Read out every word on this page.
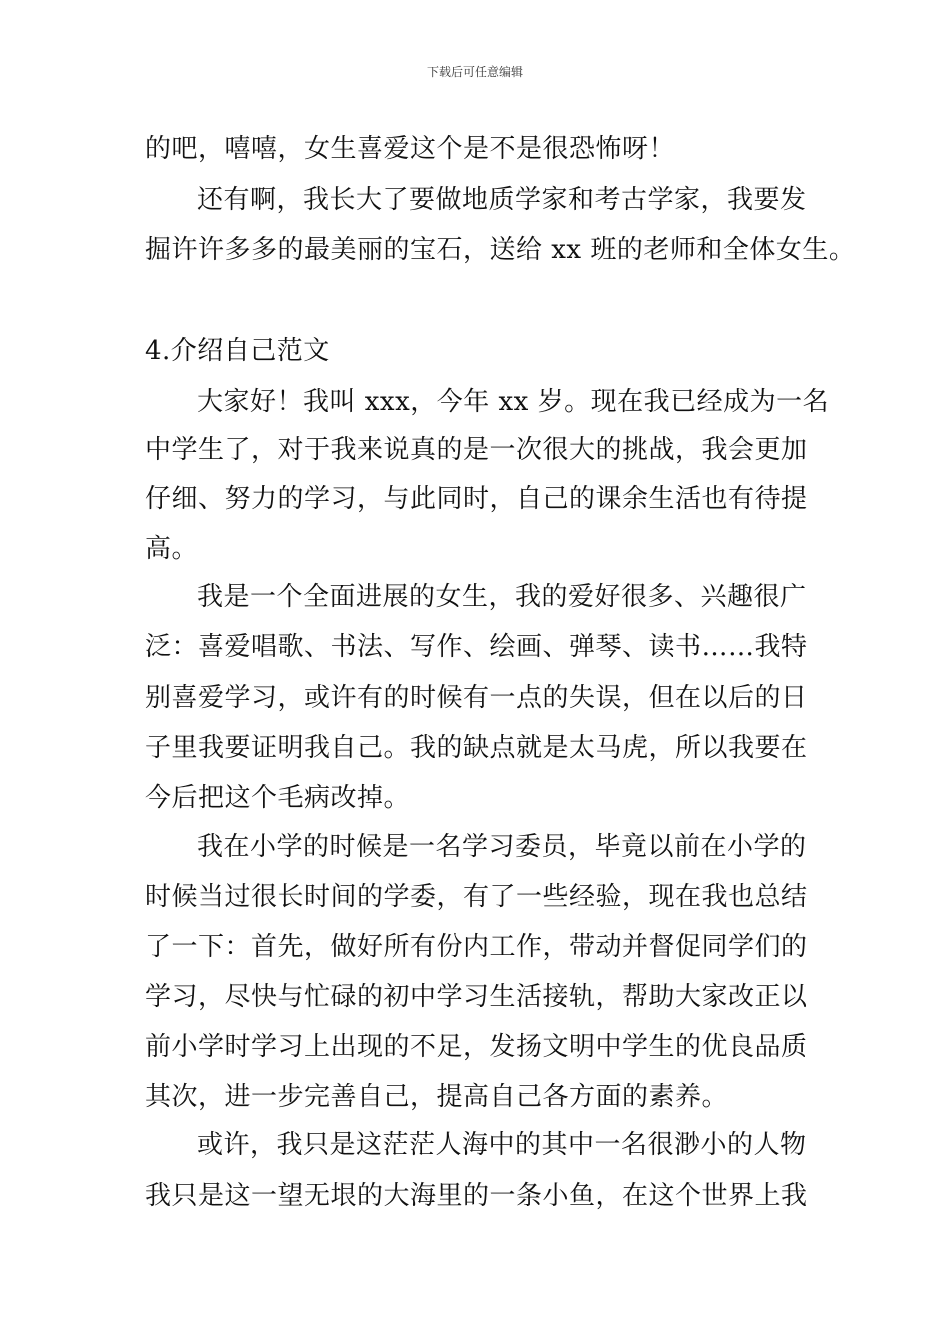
下载后可任意编辑
的吧，嘻嘻，女生喜爱这个是不是很恐怖呀！
还有啊，我长大了要做地质学家和考古学家，我要发
掘许许多多的最美丽的宝石，送给 xx 班的老师和全体女生。
4.介绍自己范文
大家好！我叫 xxx，今年 xx 岁。现在我已经成为一名
中学生了，对于我来说真的是一次很大的挑战，我会更加
仔细、努力的学习，与此同时，自己的课余生活也有待提
高。
我是一个全面进展的女生，我的爱好很多、兴趣很广
泛：喜爱唱歌、书法、写作、绘画、弹琴、读书……我特
别喜爱学习，或许有的时候有一点的失误，但在以后的日
子里我要证明我自己。我的缺点就是太马虎，所以我要在
今后把这个毛病改掉。
我在小学的时候是一名学习委员，毕竟以前在小学的
时候当过很长时间的学委，有了一些经验，现在我也总结
了一下：首先，做好所有份内工作，带动并督促同学们的
学习，尽快与忙碌的初中学习生活接轨，帮助大家改正以
前小学时学习上出现的不足，发扬文明中学生的优良品质
其次，进一步完善自己，提高自己各方面的素养。
或许，我只是这茫茫人海中的其中一名很渺小的人物
我只是这一望无垠的大海里的一条小鱼，在这个世界上我
